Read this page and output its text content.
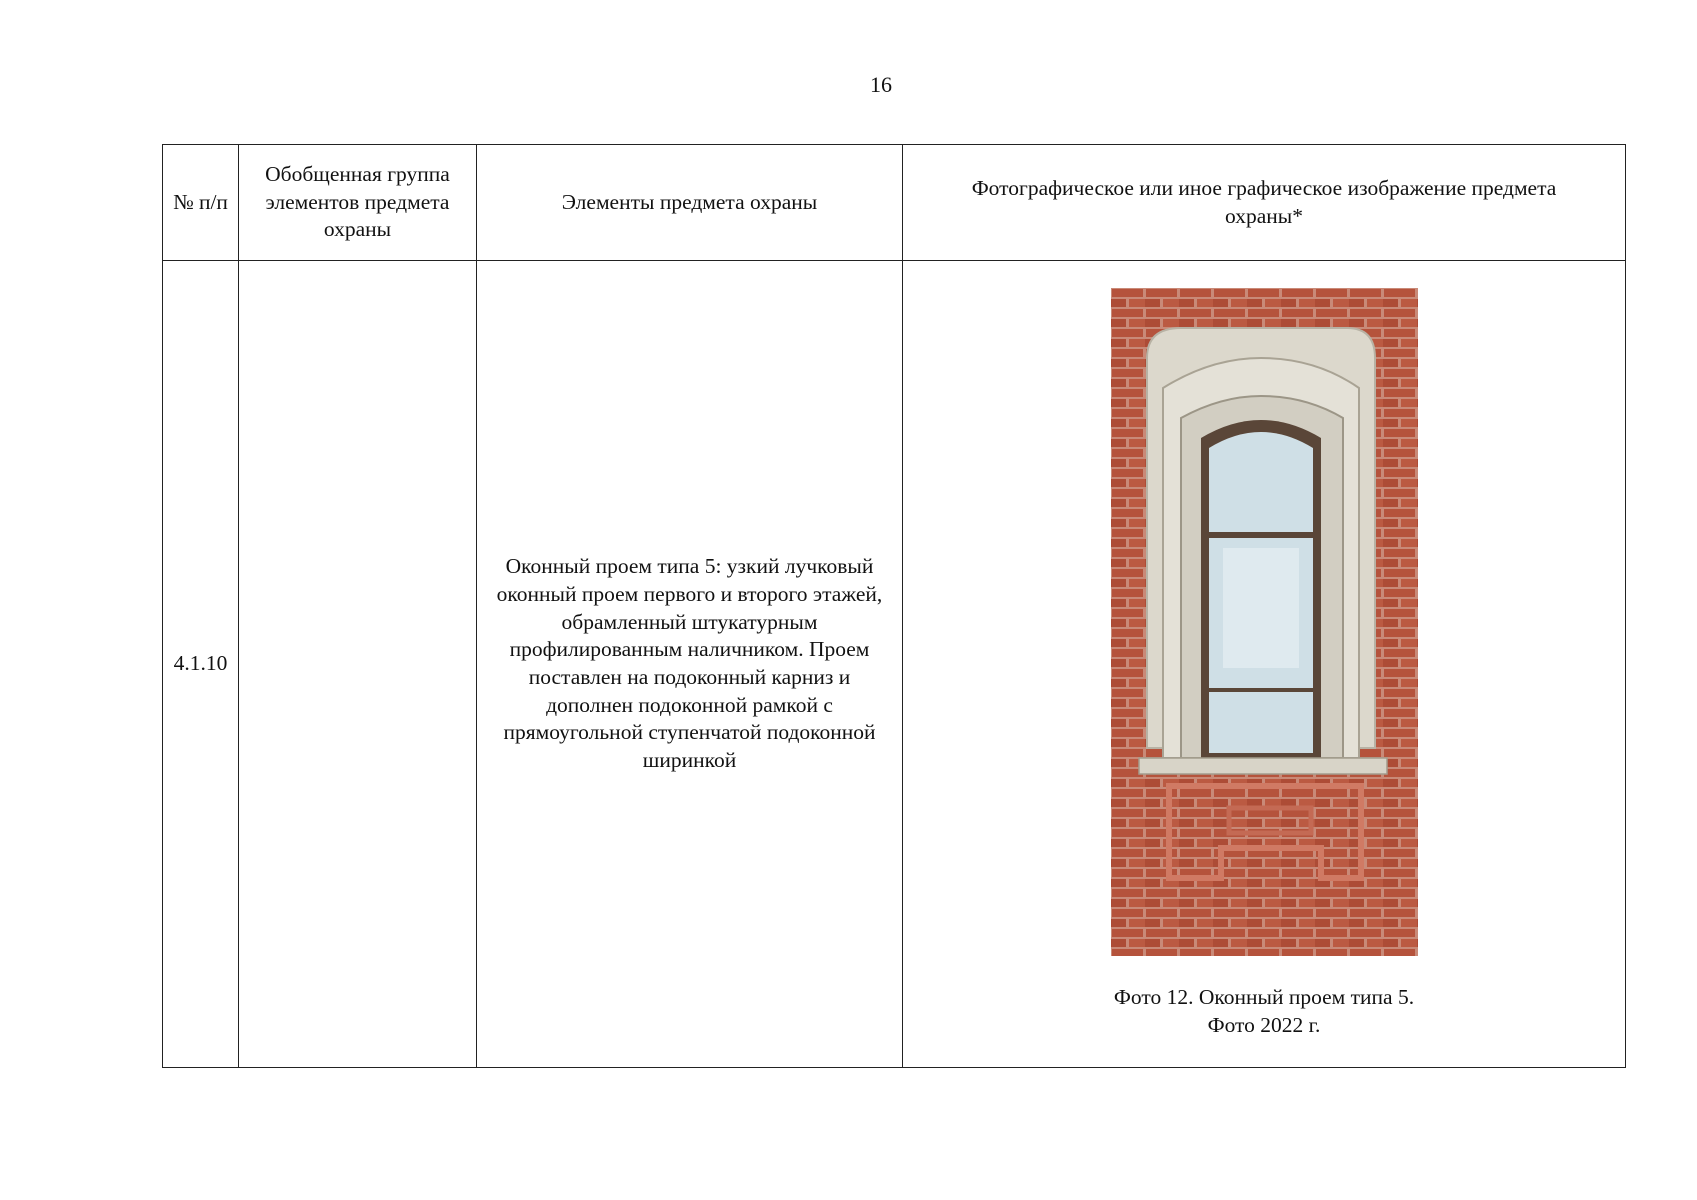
16
№ п/п	Обобщенная группа элементов предмета охраны	Элементы предмета охраны	Фотографическое или иное графическое изображение предмета охраны*
4.1.10		Оконный проем типа 5: узкий лучковый оконный проем первого и второго этажей, обрамленный штукатурным профилированным наличником. Проем поставлен на подоконный карниз и дополнен подоконной рамкой с прямоугольной ступенчатой подоконной ширинкой	Фото 12. Оконный проем типа 5.
Фото 2022 г.
